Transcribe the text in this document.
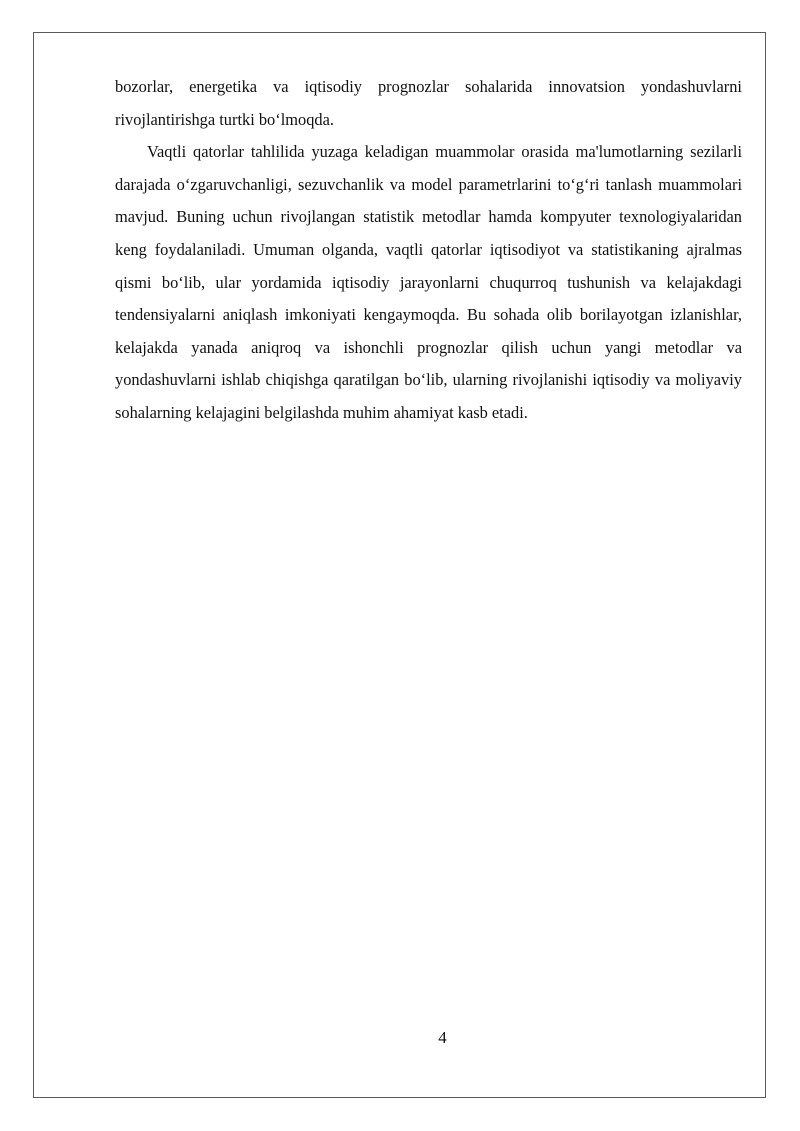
bozorlar, energetika va iqtisodiy prognozlar sohalarida innovatsion yondashuvlarni rivojlantirishga turtki bo‘lmoqda.

Vaqtli qatorlar tahlilida yuzaga keladigan muammolar orasida ma'lumotlarning sezilarli darajada o‘zgaruvchanligi, sezuvchanlik va model parametrlarini to‘g‘ri tanlash muammolari mavjud. Buning uchun rivojlangan statistik metodlar hamda kompyuter texnologiyalaridan keng foydalaniladi. Umuman olganda, vaqtli qatorlar iqtisodiyot va statistikaning ajralmas qismi bo‘lib, ular yordamida iqtisodiy jarayonlarni chuqurroq tushunish va kelajakdagi tendensiyalarni aniqlash imkoniyati kengaymoqda. Bu sohada olib borilayotgan izlanishlar, kelajakda yanada aniqroq va ishonchli prognozlar qilish uchun yangi metodlar va yondashuvlarni ishlab chiqishga qaratilgan bo‘lib, ularning rivojlanishi iqtisodiy va moliyaviy sohalarning kelajagini belgilashda muhim ahamiyat kasb etadi.

4
